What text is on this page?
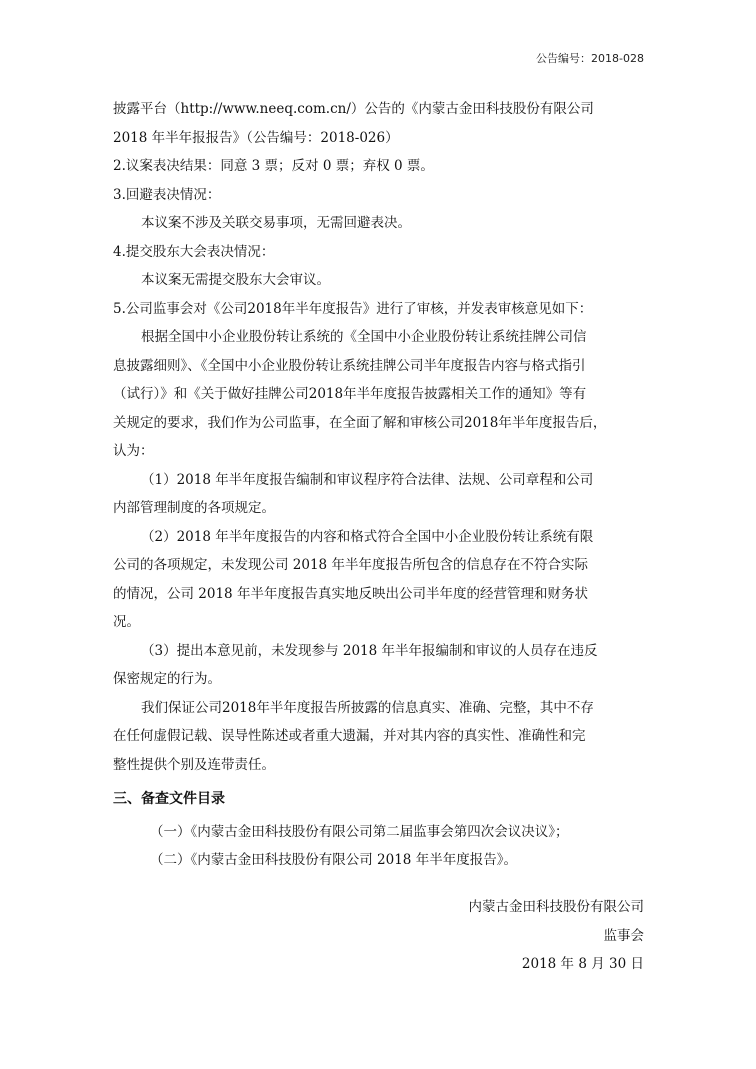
公告编号：2018-028
披露平台（http://www.neeq.com.cn/）公告的《内蒙古金田科技股份有限公司
2018 年半年报报告》（公告编号：2018-026）
2.议案表决结果：同意 3 票；反对 0 票；弃权 0 票。
3.回避表决情况：
本议案不涉及关联交易事项，无需回避表决。
4.提交股东大会表决情况：
本议案无需提交股东大会审议。
5.公司监事会对《公司2018年半年度报告》进行了审核，并发表审核意见如下：
根据全国中小企业股份转让系统的《全国中小企业股份转让系统挂牌公司信
息披露细则》、《全国中小企业股份转让系统挂牌公司半年度报告内容与格式指引
（试行）》和《关于做好挂牌公司2018年半年度报告披露相关工作的通知》等有
关规定的要求，我们作为公司监事，在全面了解和审核公司2018年半年度报告后，
认为：
（1）2018 年半年度报告编制和审议程序符合法律、法规、公司章程和公司
内部管理制度的各项规定。
（2）2018 年半年度报告的内容和格式符合全国中小企业股份转让系统有限
公司的各项规定，未发现公司 2018 年半年度报告所包含的信息存在不符合实际
的情况，公司 2018 年半年度报告真实地反映出公司半年度的经营管理和财务状
况。
（3）提出本意见前，未发现参与 2018 年半年报编制和审议的人员存在违反
保密规定的行为。
我们保证公司2018年半年度报告所披露的信息真实、准确、完整，其中不存
在任何虚假记载、误导性陈述或者重大遗漏，并对其内容的真实性、准确性和完
整性提供个别及连带责任。
三、备查文件目录
（一）《内蒙古金田科技股份有限公司第二届监事会第四次会议决议》；
（二）《内蒙古金田科技股份有限公司 2018 年半年度报告》。
内蒙古金田科技股份有限公司
监事会
2018 年 8 月 30 日
